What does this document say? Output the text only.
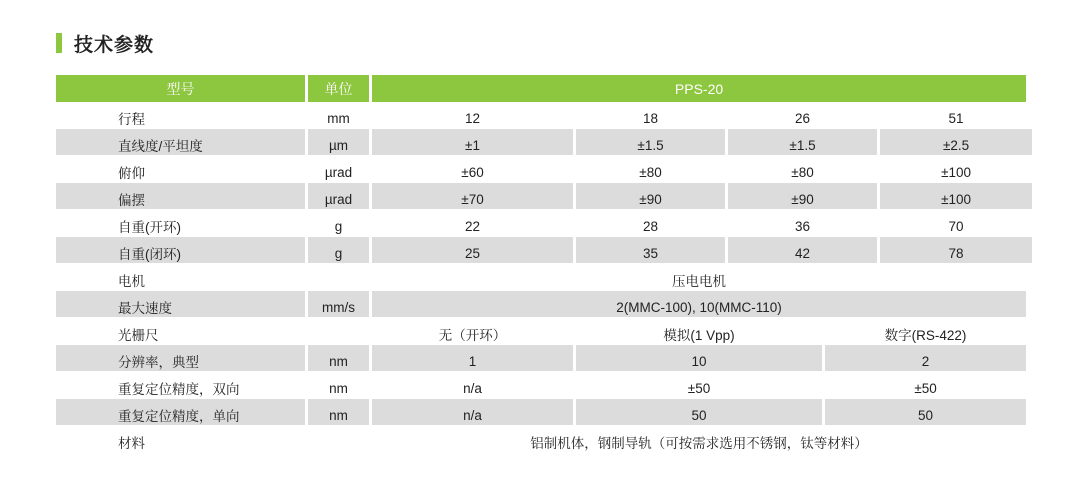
技术参数
型号	单位	PPS-20				
行程	mm	12	18	26		51
直线度/平坦度	µm	±1	±1.5	±1.5		±2.5
俯仰	µrad	±60	±80	±80		±100
偏摆	µrad	±70	±90	±90		±100
自重(开环)	g	22	28	36		70
自重(闭环)	g	25	35	42		78
电机		压电电机				
最大速度	mm/s	2(MMC-100), 10(MMC-110)				
光栅尺		无（开环）	模拟(1 Vpp)		数字(RS-422)	
分辨率，典型	nm	1	10		2	
重复定位精度，双向	nm	n/a	±50		±50	
重复定位精度，单向	nm	n/a	50		50	
材料		铝制机体，钢制导轨（可按需求选用不锈钢，钛等材料）				
